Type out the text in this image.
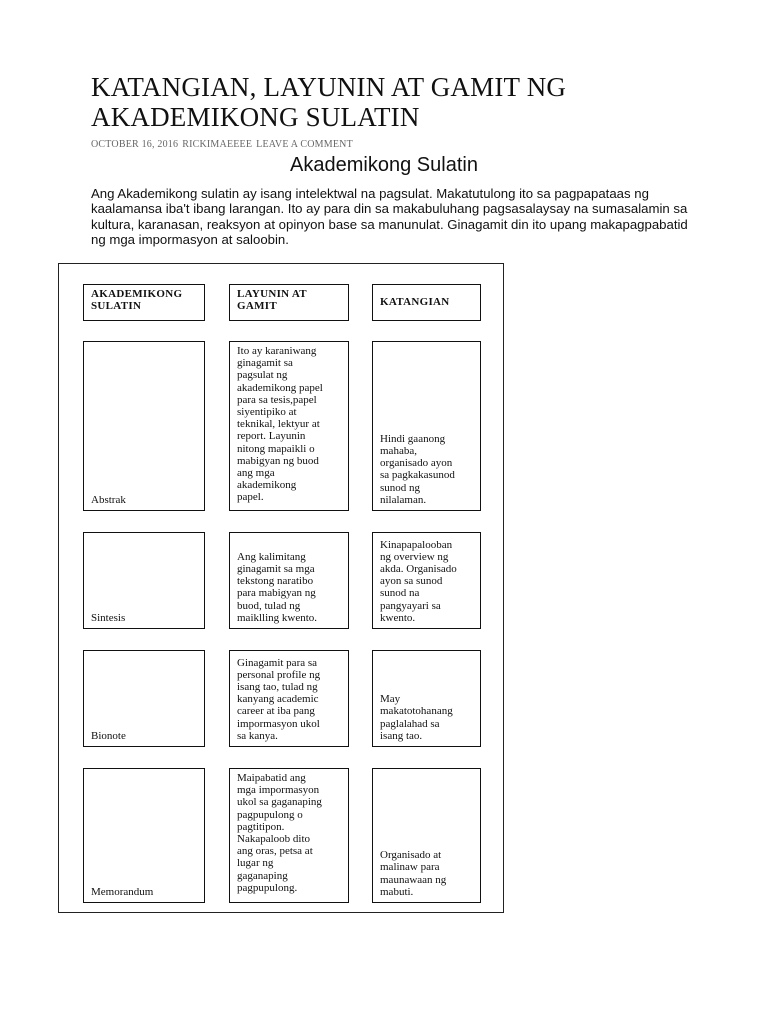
KATANGIAN, LAYUNIN AT GAMIT NG AKADEMIKONG SULATIN
OCTOBER 16, 2016 RICKIMAEEEE LEAVE A COMMENT
Akademikong Sulatin

Ang Akademikong sulatin ay isang intelektwal na pagsulat. Makatutulong ito sa pagpapataas ng kaalamansa iba't ibang larangan. Ito ay para din sa makabuluhang pagsasalaysay na sumasalamin sa kultura, karanasan, reaksyon at opinyon base sa manunulat. Ginagamit din ito upang makapagpabatid ng mga impormasyon at saloobin.

AKADEMIKONG
SULATIN
LAYUNIN AT
GAMIT	KATANGIAN
Abstrak
Ito ay karaniwang
ginagamit sa
pagsulat ng
akademikong papel
para sa tesis,papel
siyentipiko at
teknikal, lektyur at
report. Layunin
nitong mapaikli o
mabigyan ng buod
ang mga
akademikong
papel.
Hindi gaanong
mahaba,
organisado ayon
sa pagkakasunod
sunod ng
nilalaman.
Sintesis
Ang kalimitang
ginagamit sa mga
tekstong naratibo
para mabigyan ng
buod, tulad ng
maiklling kwento.
Kinapapalooban
ng overview ng
akda. Organisado
ayon sa sunod
sunod na
pangyayari sa
kwento.
Bionote
Ginagamit para sa
personal profile ng
isang tao, tulad ng
kanyang academic
career at iba pang
impormasyon ukol
sa kanya.
May
makatotohanang
paglalahad sa
isang tao.
Memorandum
Maipabatid ang
mga impormasyon
ukol sa gaganaping
pagpupulong o
pagtitipon.
Nakapaloob dito
ang oras, petsa at
lugar ng
gaganaping
pagpupulong.
Organisado at
malinaw para
maunawaan ng
mabuti.
